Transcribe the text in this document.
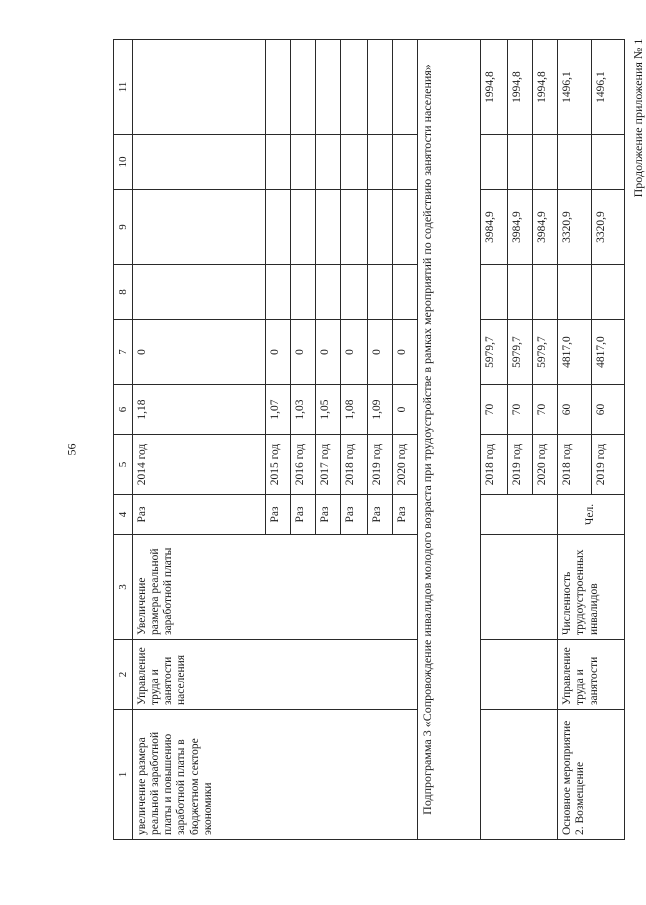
56
Продолжение приложения № 1
1	2	3	4	5	6	7	8	9	10	11
увеличение размера реальной заработной платы и повышению заработной платы в бюджетном секторе экономики	Управление труда и занятости населения	Увеличение размера реальной заработной платы	Раз	2014 год	1,18	0				
			Раз	2015 год	1,07	0				
			Раз	2016 год	1,03	0				
			Раз	2017 год	1,05	0				
			Раз	2018 год	1,08	0				
			Раз	2019 год	1,09	0				
			Раз	2020 год	0	0				
Подпрограмма 3 «Сопровождение инвалидов молодого возраста при трудоустройстве в рамках мероприятий по содействию занятости населения»										
				2018 год	70	5979,7		3984,9		1994,8
				2019 год	70	5979,7		3984,9		1994,8
				2020 год	70	5979,7		3984,9		1994,8
Основное мероприятие 2. Возмещение	Управление труда и занятости	Численность трудоустроенных инвалидов	Чел.	2018 год	60	4817,0		3320,9		1496,1
				2019 год	60	4817,0		3320,9		1496,1
